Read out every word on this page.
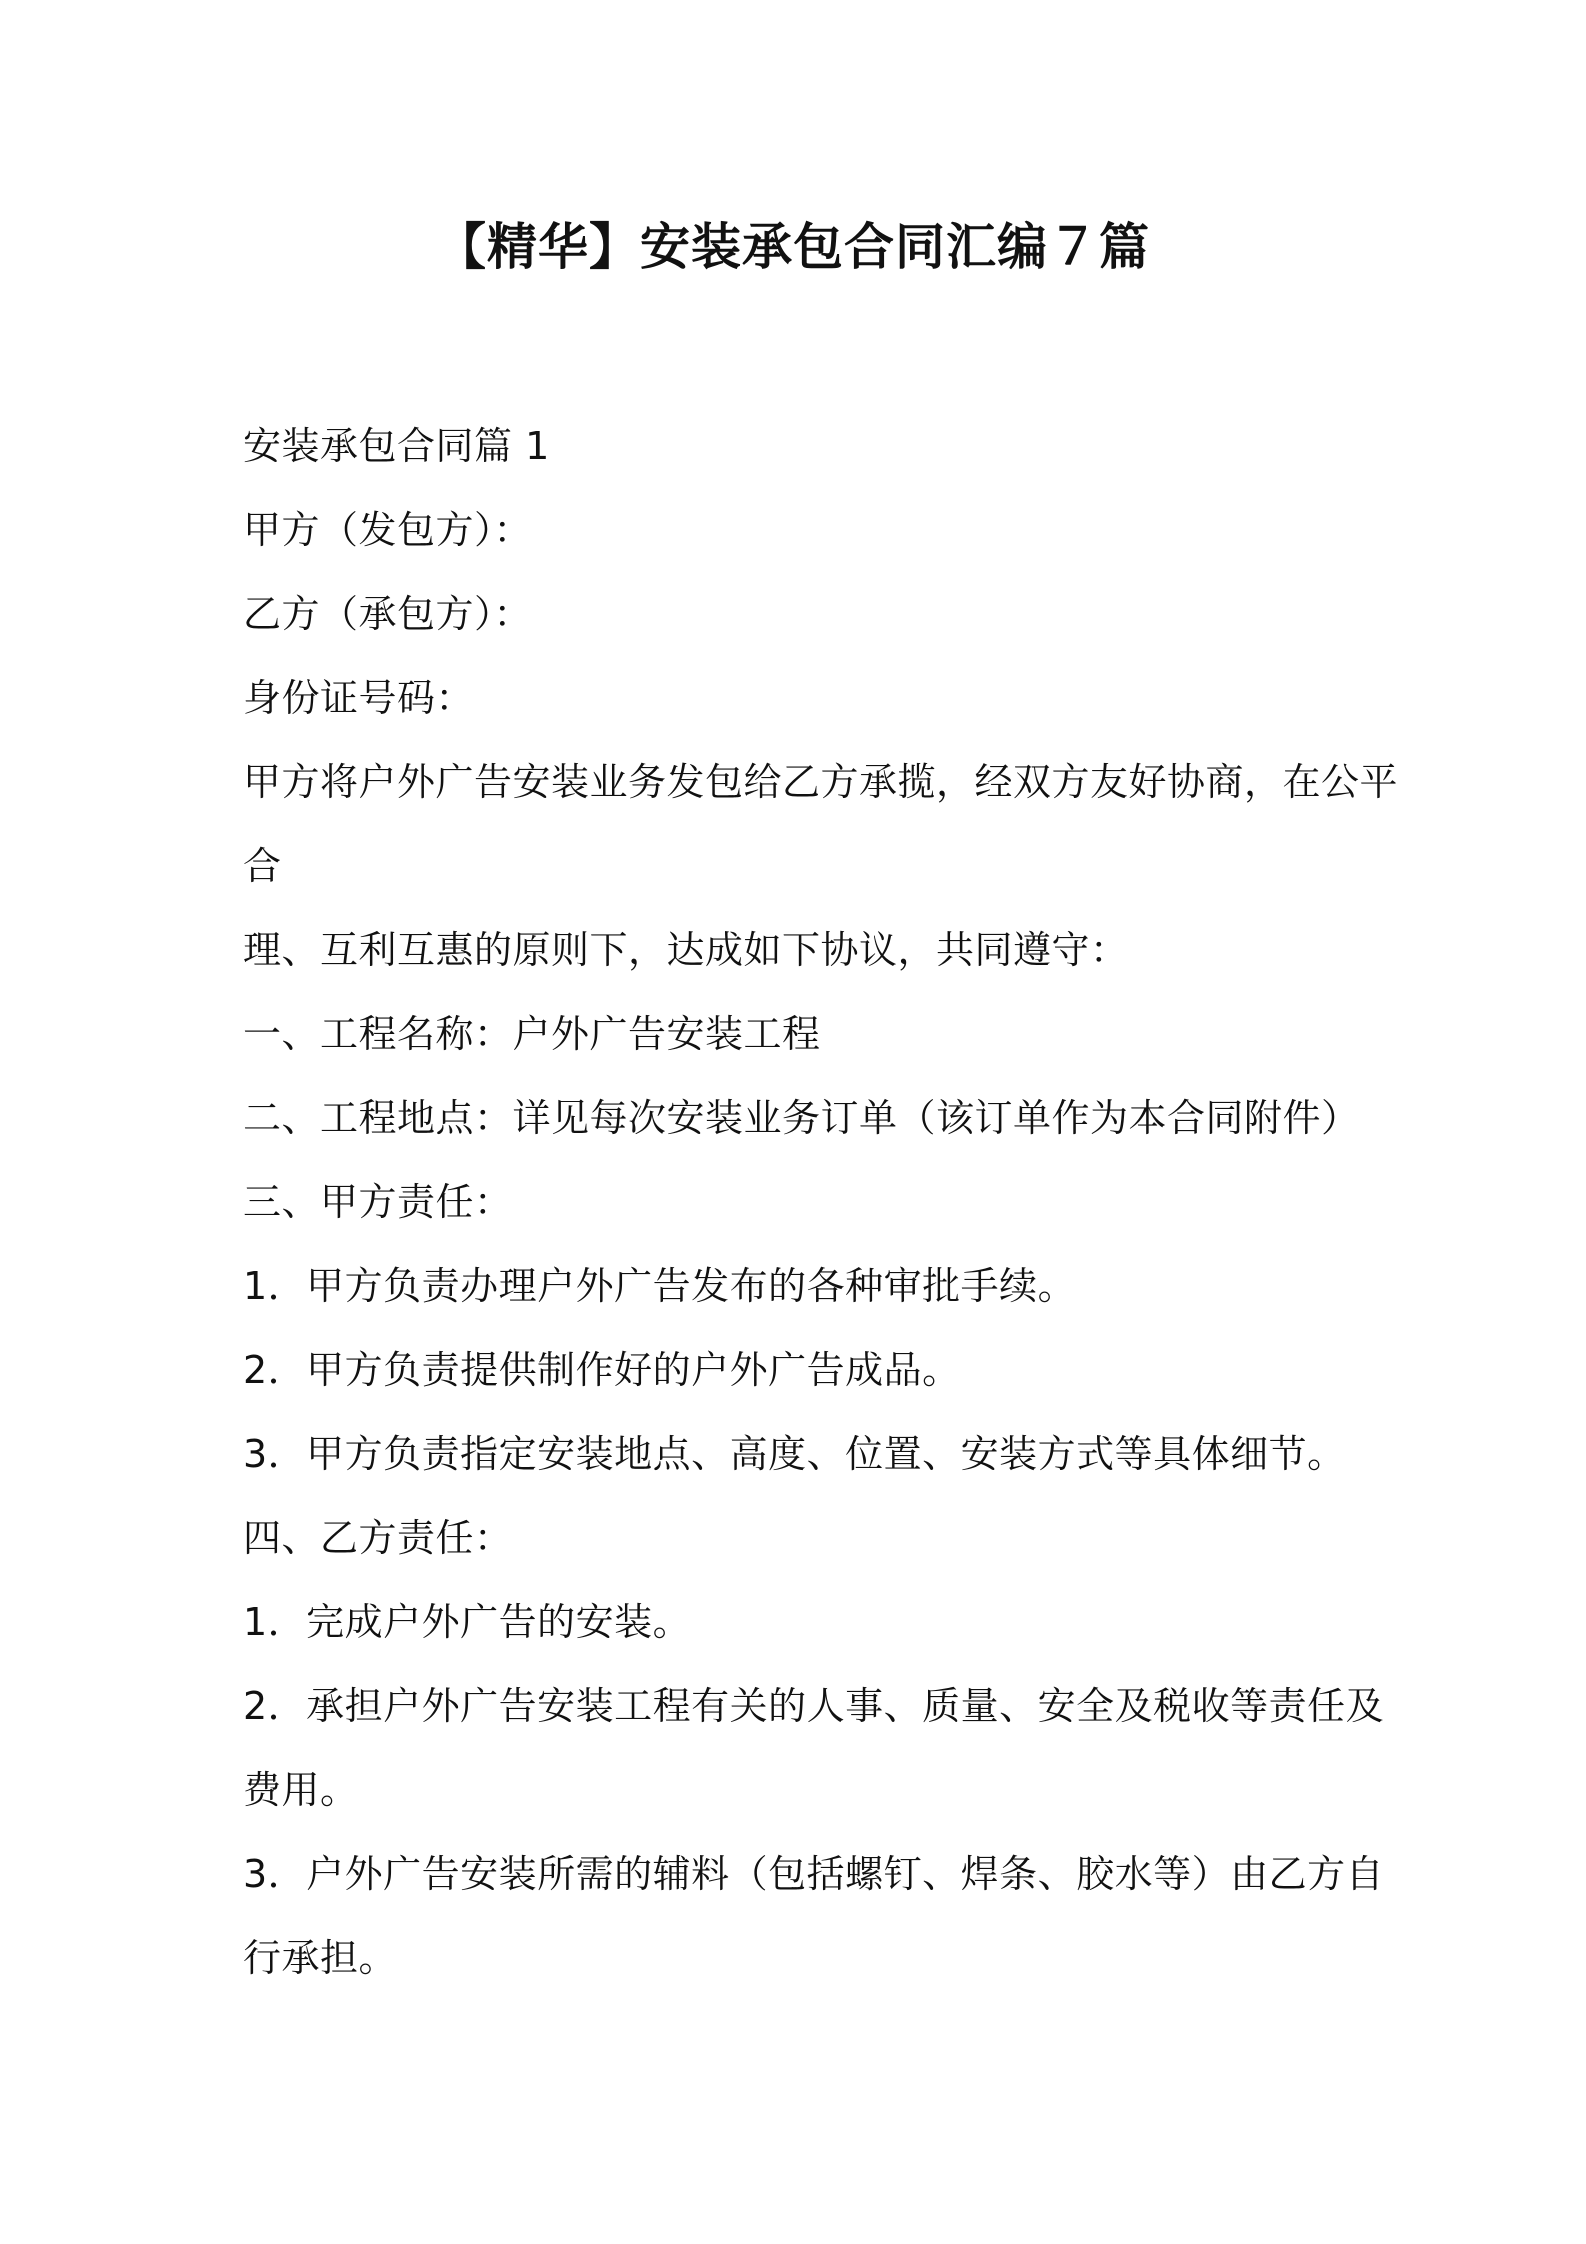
【精华】安装承包合同汇编７篇
安装承包合同篇 1
甲方（发包方）：
乙方（承包方）：
身份证号码：
甲方将户外广告安装业务发包给乙方承揽，经双方友好协商，在公平
合
理、互利互惠的原则下，达成如下协议，共同遵守：
一、工程名称：户外广告安装工程
二、工程地点：详见每次安装业务订单（该订单作为本合同附件）
三、甲方责任：
1．甲方负责办理户外广告发布的各种审批手续。
2．甲方负责提供制作好的户外广告成品。
3．甲方负责指定安装地点、高度、位置、安装方式等具体细节。
四、乙方责任：
1．完成户外广告的安装。
2．承担户外广告安装工程有关的人事、质量、安全及税收等责任及
费用。
3．户外广告安装所需的辅料（包括螺钉、焊条、胶水等）由乙方自
行承担。
